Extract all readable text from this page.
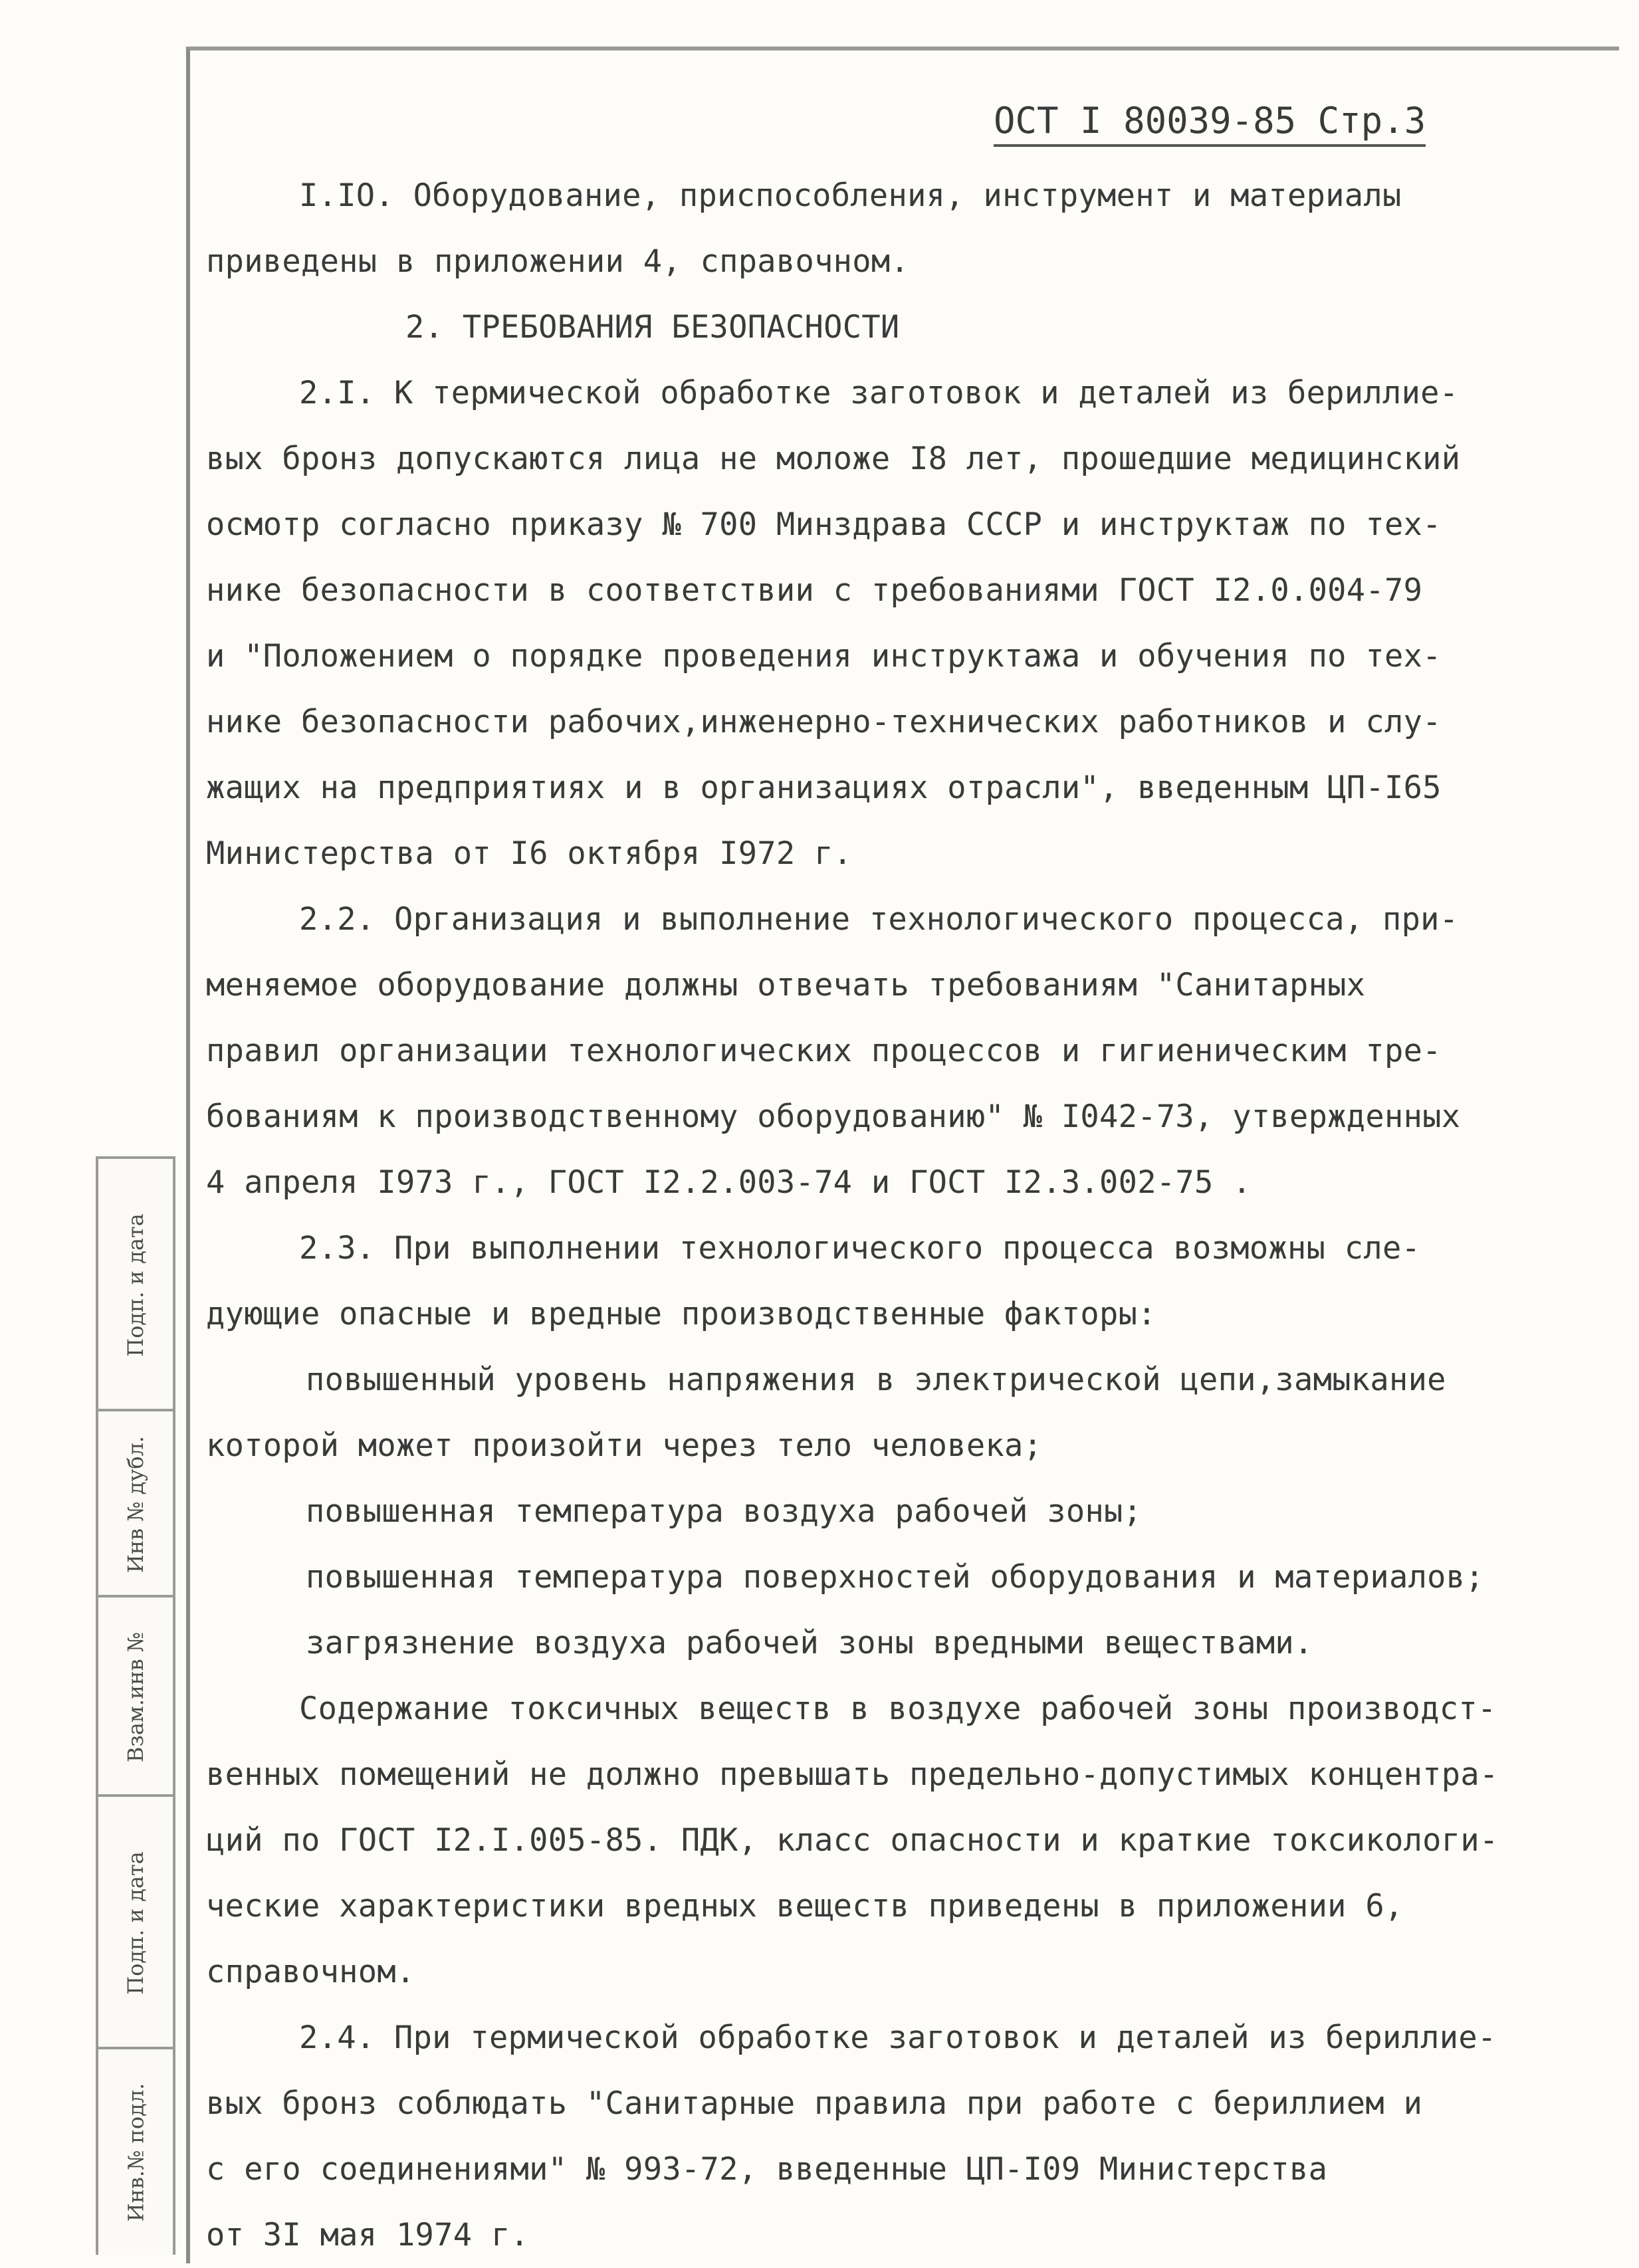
ОСТ I 80039-85 Стр.3
I.IO. Оборудование, приспособления, инструмент и материалы
приведены в приложении 4, справочном.
2. ТРЕБОВАНИЯ БЕЗОПАСНОСТИ
2.I. К термической обработке заготовок и деталей из бериллие-
вых бронз допускаются лица не моложе I8 лет, прошедшие медицинский
осмотр согласно приказу № 700 Минздрава СССР и инструктаж по тех-
нике безопасности в соответствии с требованиями ГОСТ I2.0.004-79
и "Положением о порядке проведения инструктажа и обучения по тех-
нике безопасности рабочих,инженерно-технических работников и слу-
жащих на предприятиях и в организациях отрасли", введенным ЦП-I65
Министерства от I6 октября I972 г.
2.2. Организация и выполнение технологического процесса, при-
меняемое оборудование должны отвечать требованиям "Санитарных
правил организации технологических процессов и гигиеническим тре-
бованиям к производственному оборудованию" № I042-73, утвержденных
4 апреля I973 г., ГОСТ I2.2.003-74 и ГОСТ I2.3.002-75 .
2.3. При выполнении технологического процесса возможны сле-
дующие опасные и вредные производственные факторы:
повышенный уровень напряжения в электрической цепи,замыкание
которой может произойти через тело человека;
повышенная температура воздуха рабочей зоны;
повышенная температура поверхностей оборудования и материалов;
загрязнение воздуха рабочей зоны вредными веществами.
Содержание токсичных веществ в воздухе рабочей зоны производст-
венных помещений не должно превышать предельно-допустимых концентра-
ций по ГОСТ I2.I.005-85. ПДК, класс опасности и краткие токсикологи-
ческие характеристики вредных веществ приведены в приложении 6,
справочном.
2.4. При термической обработке заготовок и деталей из бериллие-
вых бронз соблюдать "Санитарные правила при работе с бериллием и
с его соединениями" № 993-72, введенные ЦП-I09 Министерства
от 3I мая 1974 г.
Подп. и дата
Инв № дубл.
Взам.инв №
Подп. и дата
Инв.№ подл.
